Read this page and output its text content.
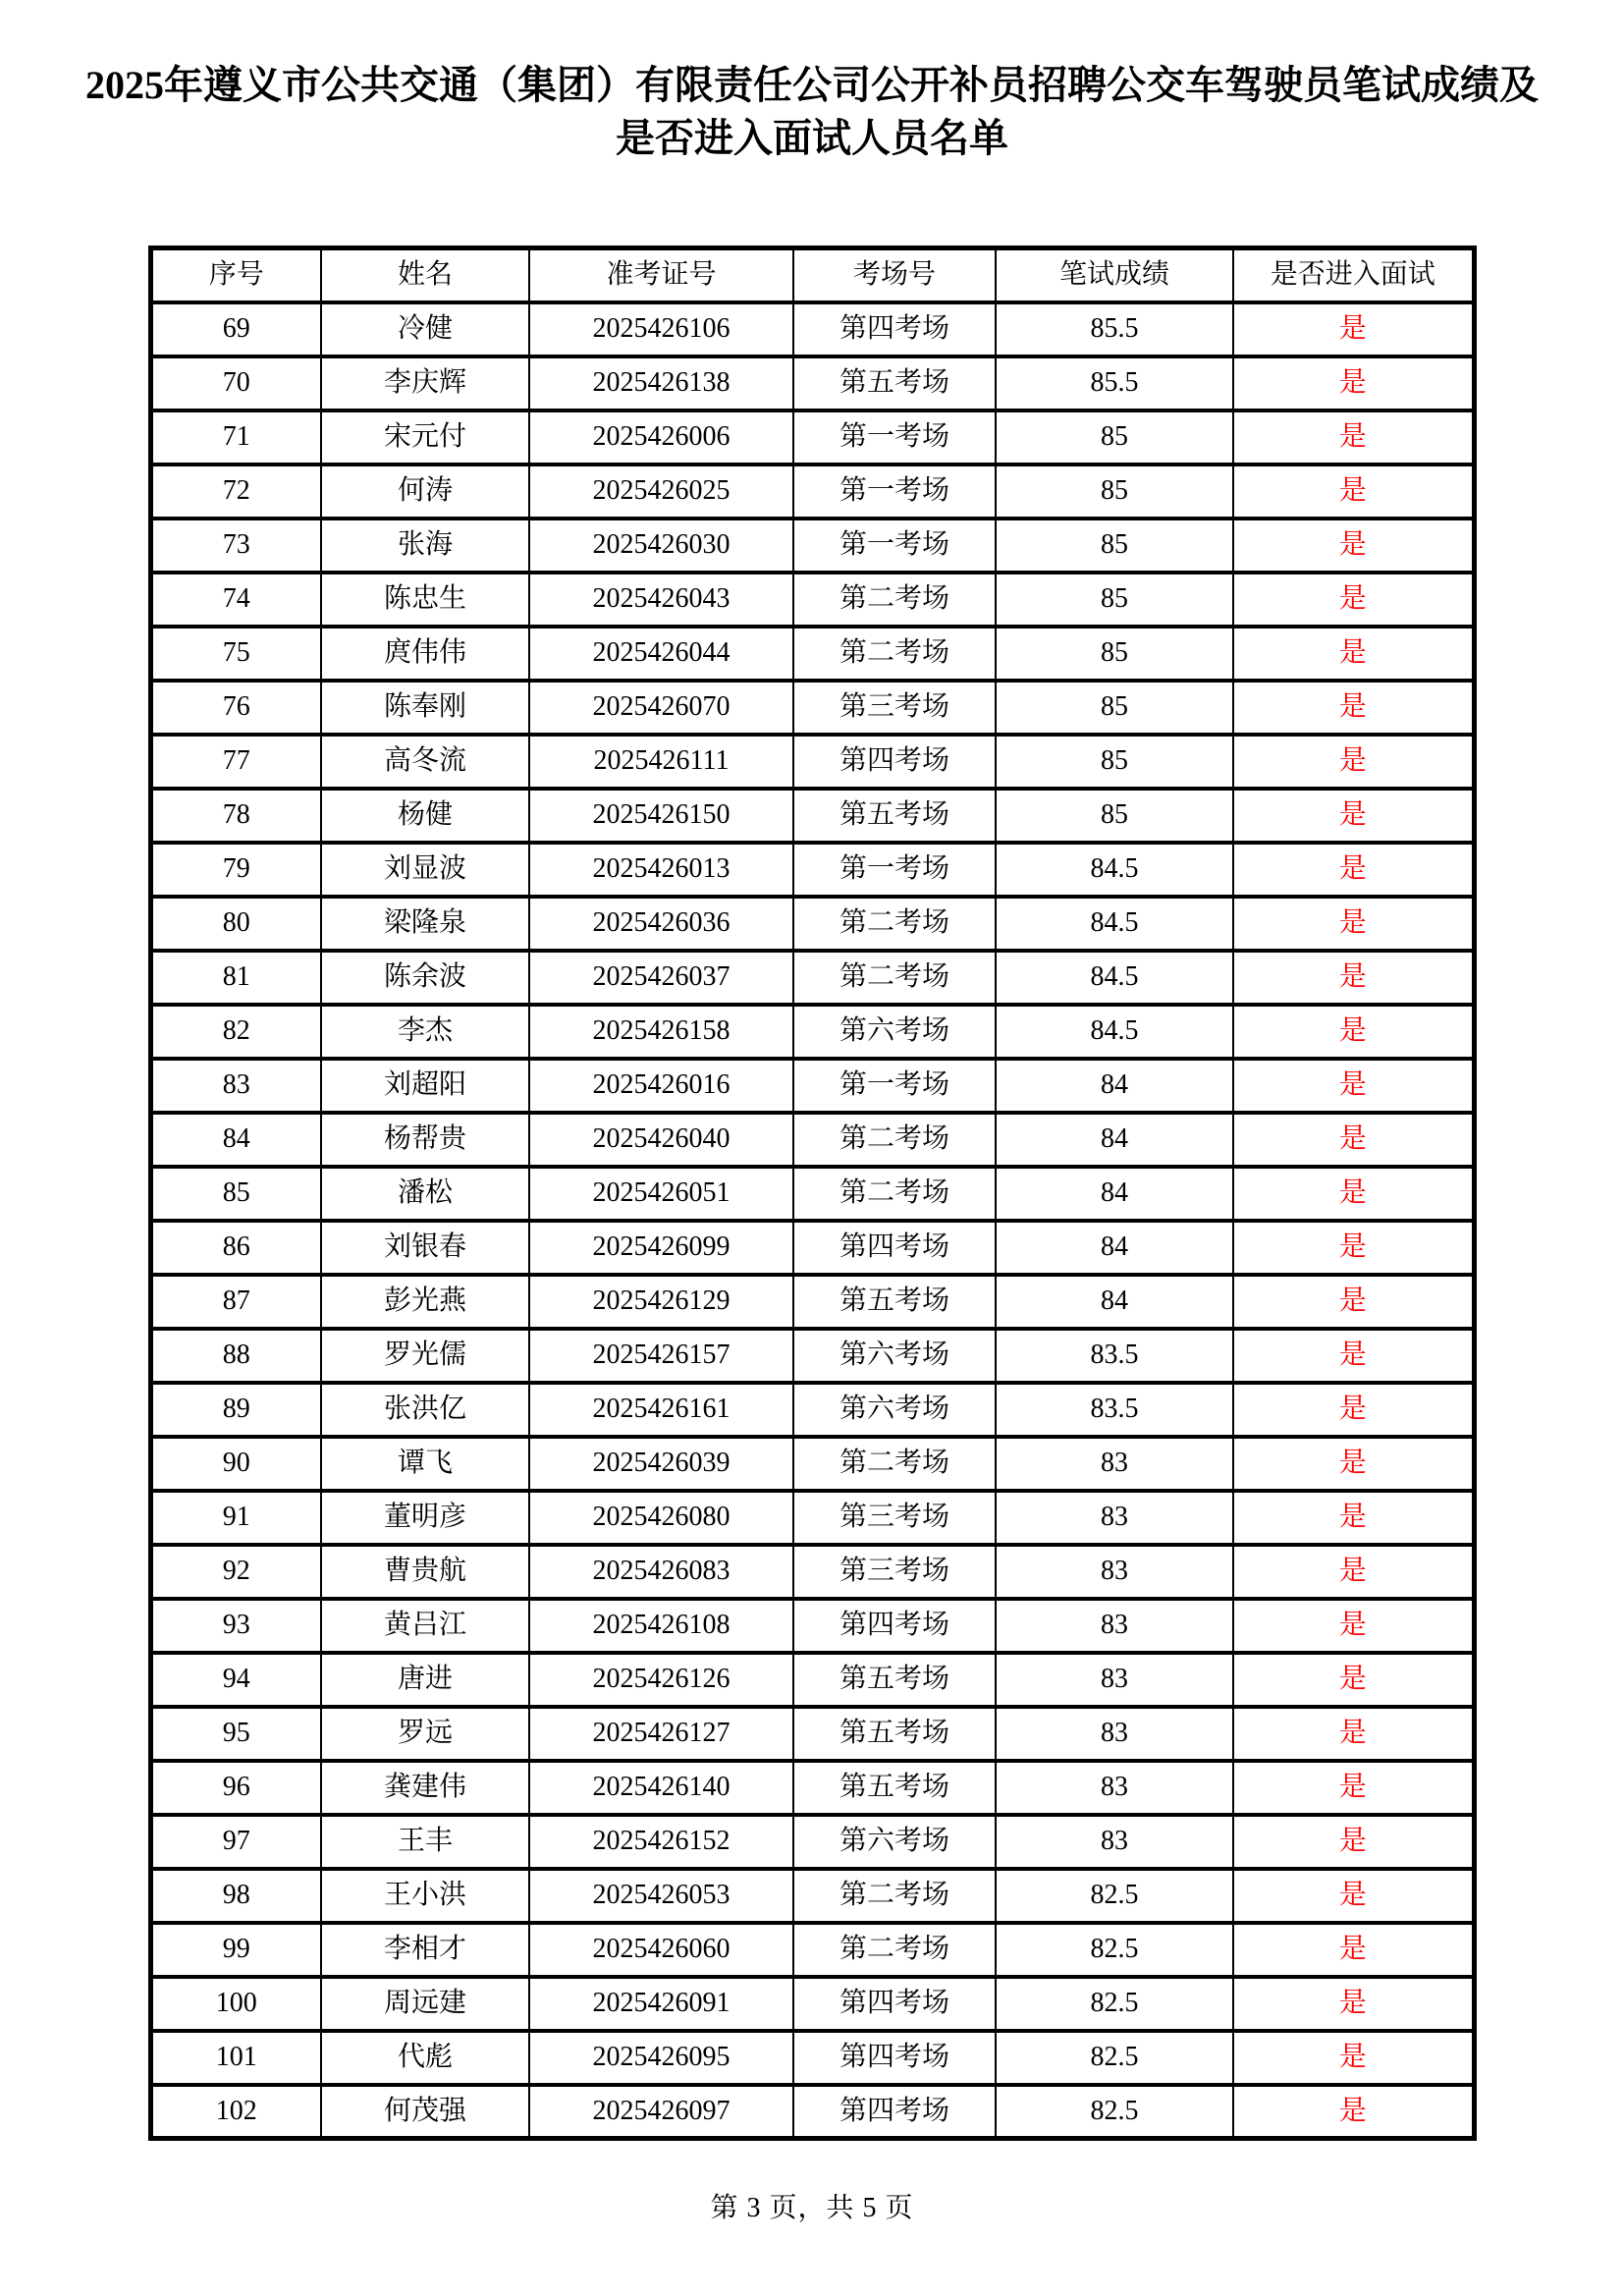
2025年遵义市公共交通（集团）有限责任公司公开补员招聘公交车驾驶员笔试成绩及是否进入面试人员名单
序号	姓名	准考证号	考场号	笔试成绩	是否进入面试
69	冷健	2025426106	第四考场	85.5	是
70	李庆辉	2025426138	第五考场	85.5	是
71	宋元付	2025426006	第一考场	85	是
72	何涛	2025426025	第一考场	85	是
73	张海	2025426030	第一考场	85	是
74	陈忠生	2025426043	第二考场	85	是
75	庹伟伟	2025426044	第二考场	85	是
76	陈奉刚	2025426070	第三考场	85	是
77	高冬流	2025426111	第四考场	85	是
78	杨健	2025426150	第五考场	85	是
79	刘显波	2025426013	第一考场	84.5	是
80	梁隆泉	2025426036	第二考场	84.5	是
81	陈余波	2025426037	第二考场	84.5	是
82	李杰	2025426158	第六考场	84.5	是
83	刘超阳	2025426016	第一考场	84	是
84	杨帮贵	2025426040	第二考场	84	是
85	潘松	2025426051	第二考场	84	是
86	刘银春	2025426099	第四考场	84	是
87	彭光燕	2025426129	第五考场	84	是
88	罗光儒	2025426157	第六考场	83.5	是
89	张洪亿	2025426161	第六考场	83.5	是
90	谭飞	2025426039	第二考场	83	是
91	董明彦	2025426080	第三考场	83	是
92	曹贵航	2025426083	第三考场	83	是
93	黄吕江	2025426108	第四考场	83	是
94	唐进	2025426126	第五考场	83	是
95	罗远	2025426127	第五考场	83	是
96	龚建伟	2025426140	第五考场	83	是
97	王丰	2025426152	第六考场	83	是
98	王小洪	2025426053	第二考场	82.5	是
99	李相才	2025426060	第二考场	82.5	是
100	周远建	2025426091	第四考场	82.5	是
101	代彪	2025426095	第四考场	82.5	是
102	何茂强	2025426097	第四考场	82.5	是
第 3 页，共 5 页
